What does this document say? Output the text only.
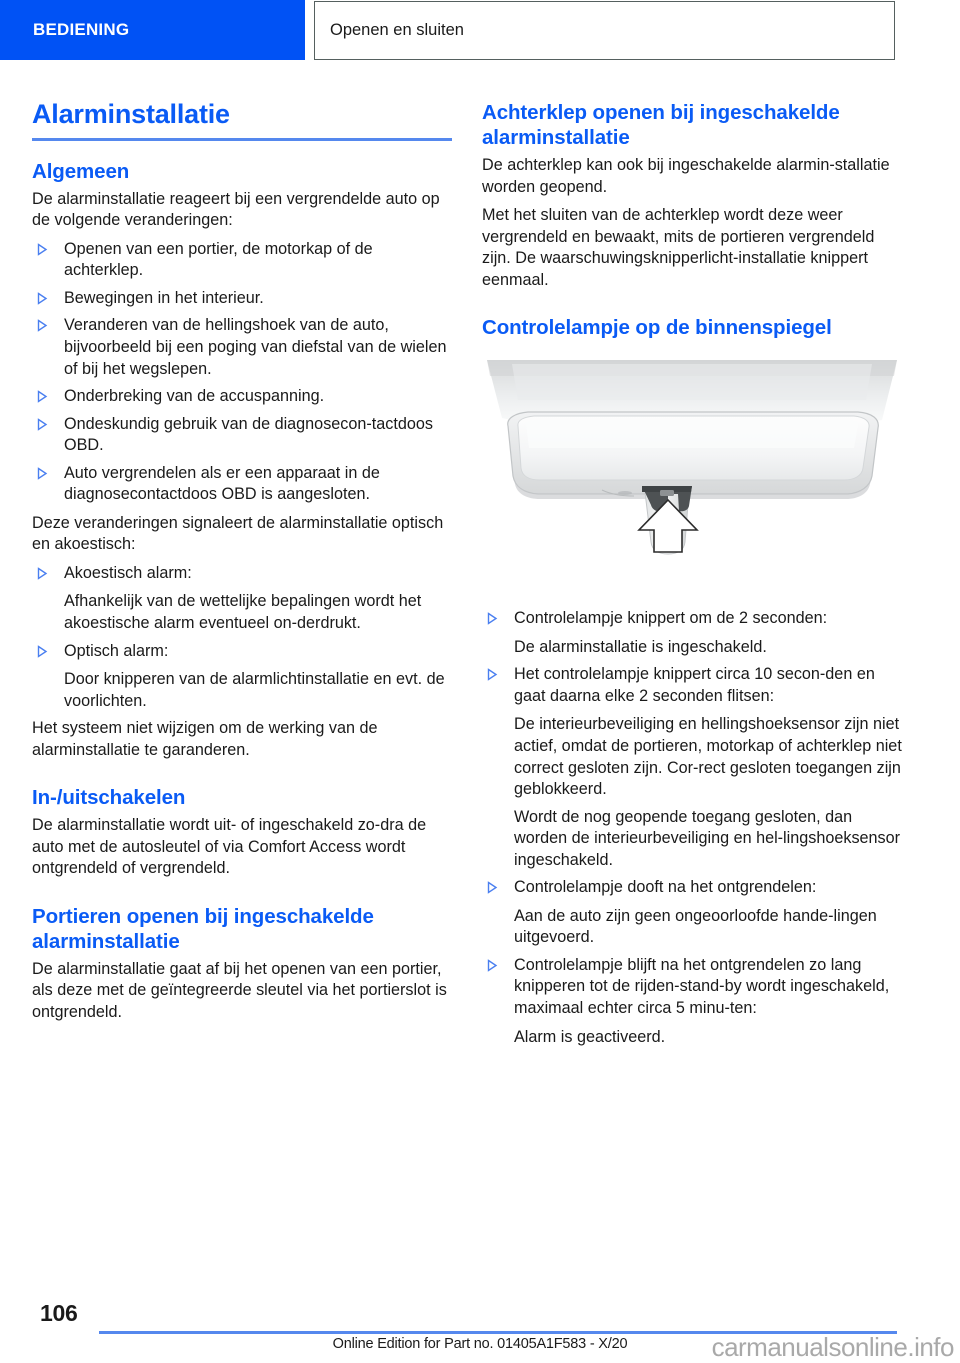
BEDIENING	Openen en sluiten
Alarminstallatie
Algemeen

De alarminstallatie reageert bij een vergrendelde auto op de volgende veranderingen:

Openen van een portier, de motorkap of de achterklep.
Bewegingen in het interieur.
Veranderen van de hellingshoek van de auto, bijvoorbeeld bij een poging van diefstal van de wielen of bij het wegslepen.
Onderbreking van de accuspanning.
Ondeskundig gebruik van de diagnosecon-tactdoos OBD.
Auto vergrendelen als er een apparaat in de diagnosecontactdoos OBD is aangesloten.

Deze veranderingen signaleert de alarminstallatie optisch en akoestisch:

Akoestisch alarm:

Afhankelijk van de wettelijke bepalingen wordt het akoestische alarm eventueel on-derdrukt.

Optisch alarm:

Door knipperen van de alarmlichtinstallatie en evt. de voorlichten.

Het systeem niet wijzigen om de werking van de alarminstallatie te garanderen.

In-/uitschakelen

De alarminstallatie wordt uit- of ingeschakeld zo-dra de auto met de autosleutel of via Comfort Access wordt ontgrendeld of vergrendeld.

Portieren openen bij ingeschakelde alarminstallatie

De alarminstallatie gaat af bij het openen van een portier, als deze met de geïntegreerde sleutel via het portierslot is ontgrendeld.

Achterklep openen bij ingeschakelde alarminstallatie

De achterklep kan ook bij ingeschakelde alarmin-stallatie worden geopend.

Met het sluiten van de achterklep wordt deze weer vergrendeld en bewaakt, mits de portieren vergrendeld zijn. De waarschuwingsknipperlicht-installatie knippert eenmaal.

Controlelampje op de binnenspiegel
Controlelampje knippert om de 2 seconden:

De alarminstallatie is ingeschakeld.

Het controlelampje knippert circa 10 secon-den en gaat daarna elke 2 seconden flitsen:

De interieurbeveiliging en hellingshoeksensor zijn niet actief, omdat de portieren, motorkap of achterklep niet correct gesloten zijn. Cor-rect gesloten toegangen zijn geblokkeerd.

Wordt de nog geopende toegang gesloten, dan worden de interieurbeveiliging en hel-lingshoeksensor ingeschakeld.

Controlelampje dooft na het ontgrendelen:

Aan de auto zijn geen ongeoorloofde hande-lingen uitgevoerd.

Controlelampje blijft na het ontgrendelen zo lang knipperen tot de rijden-stand-by wordt ingeschakeld, maximaal echter circa 5 minu-ten:

Alarm is geactiveerd.

106
Online Edition for Part no. 01405A1F583 - X/20	carmanualsonline.info
